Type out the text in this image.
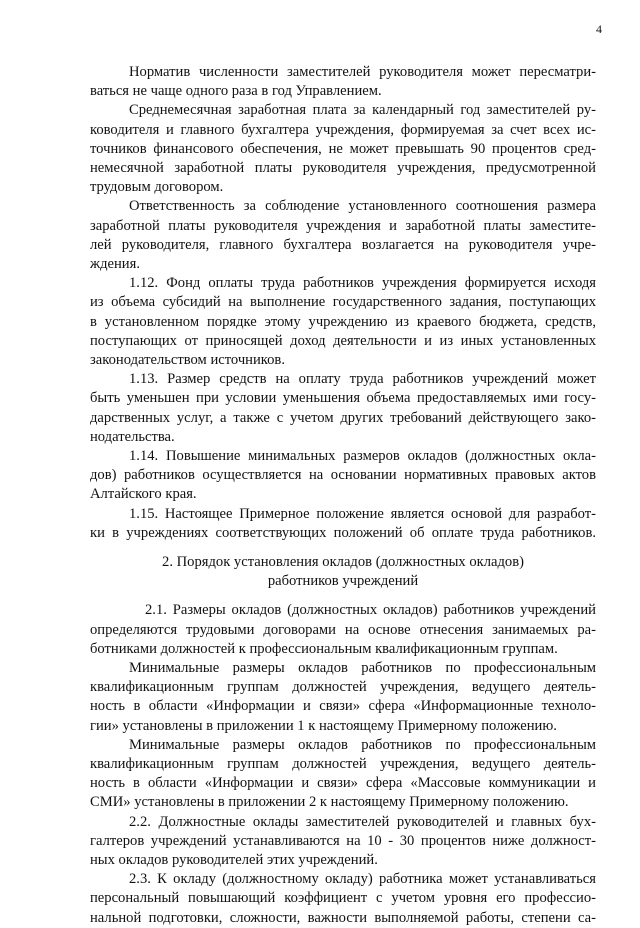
4
Норматив численности заместителей руководителя может пересматри-
ваться не чаще одного раза в год Управлением.
Среднемесячная заработная плата за календарный год заместителей ру-
ководителя и главного бухгалтера учреждения, формируемая за счет всех ис-
точников финансового обеспечения, не может превышать 90 процентов сред-
немесячной заработной платы руководителя учреждения, предусмотренной
трудовым договором.
Ответственность за соблюдение установленного соотношения размера
заработной платы руководителя учреждения и заработной платы заместите-
лей руководителя, главного бухгалтера возлагается на руководителя учре-
ждения.
1.12. Фонд оплаты труда работников учреждения формируется исходя
из объема субсидий на выполнение государственного задания, поступающих
в установленном порядке этому учреждению из краевого бюджета, средств,
поступающих от приносящей доход деятельности и из иных установленных
законодательством источников.
1.13. Размер средств на оплату труда работников учреждений может
быть уменьшен при условии уменьшения объема предоставляемых ими госу-
дарственных услуг, а также с учетом других требований действующего зако-
нодательства.
1.14. Повышение минимальных размеров окладов (должностных окла-
дов) работников осуществляется на основании нормативных правовых актов
Алтайского края.
1.15. Настоящее Примерное положение является основой для разработ-
ки в учреждениях соответствующих положений об оплате труда работников.
2. Порядок установления окладов (должностных окладов)
работников учреждений
2.1. Размеры окладов (должностных окладов) работников учреждений
определяются трудовыми договорами на основе отнесения занимаемых ра-
ботниками должностей к профессиональным квалификационным группам.
Минимальные размеры окладов работников по профессиональным
квалификационным группам должностей учреждения, ведущего деятель-
ность в области «Информации и связи» сфера «Информационные техноло-
гии» установлены в приложении 1 к настоящему Примерному положению.
Минимальные размеры окладов работников по профессиональным
квалификационным группам должностей учреждения, ведущего деятель-
ность в области «Информации и связи» сфера «Массовые коммуникации и
СМИ» установлены в приложении 2 к настоящему Примерному положению.
2.2. Должностные оклады заместителей руководителей и главных бух-
галтеров учреждений устанавливаются на 10 - 30 процентов ниже должност-
ных окладов руководителей этих учреждений.
2.3. К окладу (должностному окладу) работника может устанавливаться
персональный повышающий коэффициент с учетом уровня его профессио-
нальной подготовки, сложности, важности выполняемой работы, степени са-
